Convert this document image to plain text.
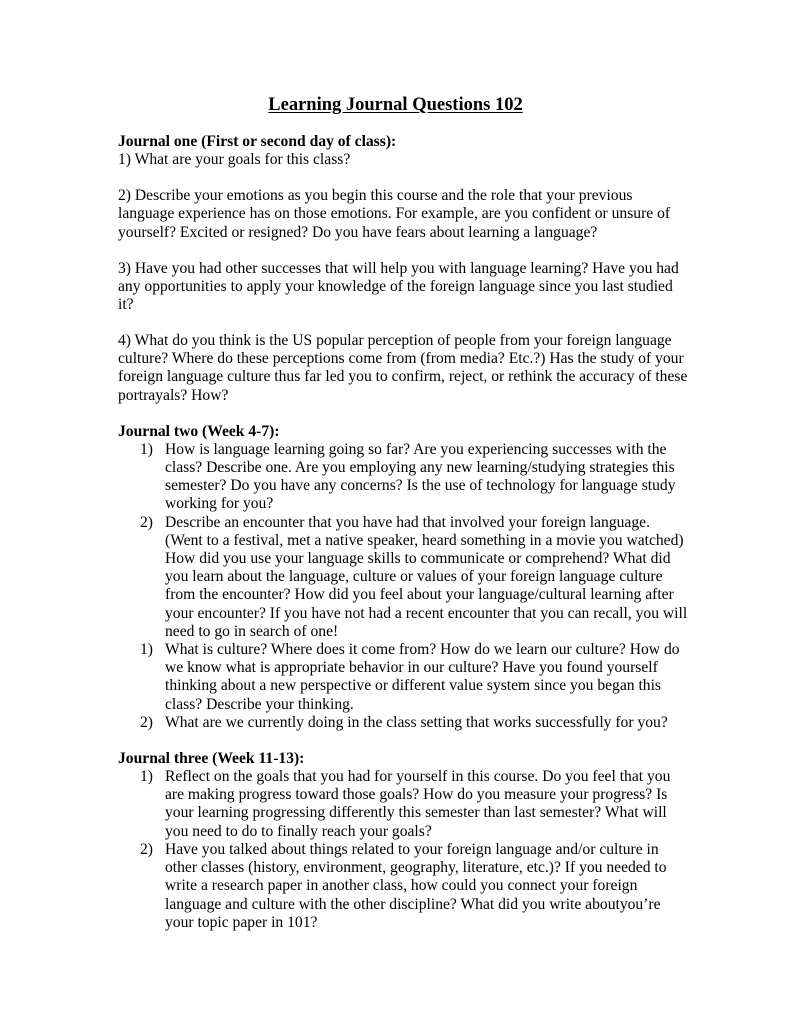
Learning Journal Questions 102

Journal one (First or second day of class):

1) What are your goals for this class?

2) Describe your emotions as you begin this course and the role that your previous language experience has on those emotions. For example, are you confident or unsure of yourself? Excited or resigned? Do you have fears about learning a language?

3) Have you had other successes that will help you with language learning? Have you had any opportunities to apply your knowledge of the foreign language since you last studied it?

4) What do you think is the US popular perception of people from your foreign language culture? Where do these perceptions come from (from media? Etc.?) Has the study of your foreign language culture thus far led you to confirm, reject, or rethink the accuracy of these portrayals? How?

Journal two (Week 4-7):

1) How is language learning going so far? Are you experiencing successes with the class? Describe one. Are you employing any new learning/studying strategies this semester? Do you have any concerns? Is the use of technology for language study working for you?
2) Describe an encounter that you have had that involved your foreign language. (Went to a festival, met a native speaker, heard something in a movie you watched) How did you use your language skills to communicate or comprehend? What did you learn about the language, culture or values of your foreign language culture from the encounter? How did you feel about your language/cultural learning after your encounter? If you have not had a recent encounter that you can recall, you will need to go in search of one!
1) What is culture? Where does it come from? How do we learn our culture? How do we know what is appropriate behavior in our culture? Have you found yourself thinking about a new perspective or different value system since you began this class? Describe your thinking.
2) What are we currently doing in the class setting that works successfully for you?

Journal three (Week 11-13):

1) Reflect on the goals that you had for yourself in this course. Do you feel that you are making progress toward those goals? How do you measure your progress? Is your learning progressing differently this semester than last semester? What will you need to do to finally reach your goals?
2) Have you talked about things related to your foreign language and/or culture in other classes (history, environment, geography, literature, etc.)? If you needed to write a research paper in another class, how could you connect your foreign language and culture with the other discipline? What did you write aboutyou’re your topic paper in 101?
